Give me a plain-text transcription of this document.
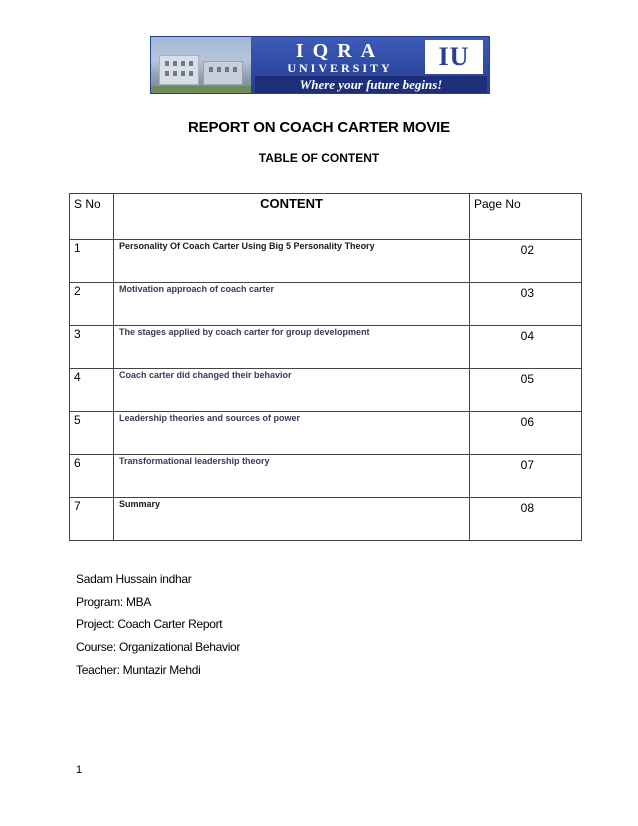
IQRA
UNIVERSITY	IU
Where your future begins!
REPORT ON COACH CARTER MOVIE
TABLE OF CONTENT
S No	CONTENT	Page No
1	Personality Of Coach Carter Using Big 5 Personality Theory	02
2	Motivation approach of coach carter	03
3	The stages applied by coach carter for group development	04
4	Coach carter did changed their behavior	05
5	Leadership theories and sources of power	06
6	Transformational leadership theory	07
7	Summary	08
Sadam Hussain indhar
Program: MBA
Project: Coach Carter Report
Course: Organizational Behavior
Teacher: Muntazir Mehdi
1
